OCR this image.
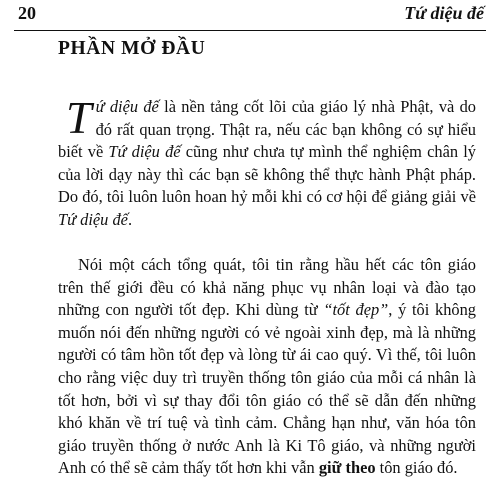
20	Tứ diệu đế
PHẦN MỞ ĐẦU

Tứ diệu đế là nền tảng cốt lõi của giáo lý nhà Phật, và do đó rất quan trọng. Thật ra, nếu các bạn không có sự hiểu biết về Tứ diệu đế cũng như chưa tự mình thể nghiệm chân lý của lời dạy này thì các bạn sẽ không thể thực hành Phật pháp. Do đó, tôi luôn luôn hoan hỷ mỗi khi có cơ hội để giảng giải về Tứ diệu đế.

Nói một cách tổng quát, tôi tin rằng hầu hết các tôn giáo trên thế giới đều có khả năng phục vụ nhân loại và đào tạo những con người tốt đẹp. Khi dùng từ “tốt đẹp”, ý tôi không muốn nói đến những người có vẻ ngoài xinh đẹp, mà là những người có tâm hồn tốt đẹp và lòng từ ái cao quý. Vì thế, tôi luôn cho rằng việc duy trì truyền thống tôn giáo của mỗi cá nhân là tốt hơn, bởi vì sự thay đổi tôn giáo có thể sẽ dẫn đến những khó khăn về trí tuệ và tình cảm. Chẳng hạn như, văn hóa tôn giáo truyền thống ở nước Anh là Ki Tô giáo, và những người Anh có thể sẽ cảm thấy tốt hơn khi vẫn giữ theo tôn giáo đó.
